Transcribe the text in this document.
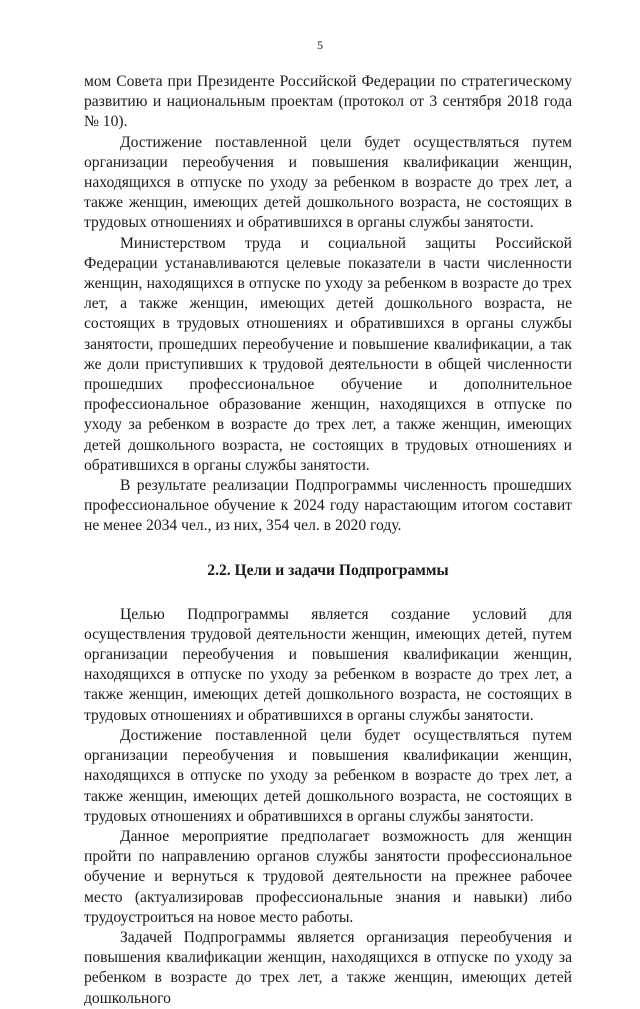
5

мом Совета при Президенте Российской Федерации по стратегическому развитию и национальным проектам (протокол от 3 сентября 2018 года № 10).

Достижение поставленной цели будет осуществляться путем организации переобучения и повышения квалификации женщин, находящихся в отпуске по уходу за ребенком в возрасте до трех лет, а также женщин, имеющих детей дошкольного возраста, не состоящих в трудовых отношениях и обратившихся в органы службы занятости.

Министерством труда и социальной защиты Российской Федерации устанавливаются целевые показатели в части численности женщин, находящихся в отпуске по уходу за ребенком в возрасте до трех лет, а также женщин, имеющих детей дошкольного возраста, не состоящих в трудовых отношениях и обратившихся в органы службы занятости, прошедших переобучение и повышение квалификации, а так же доли приступивших к трудовой деятельности в общей численности прошедших профессиональное обучение и дополнительное профессиональное образование женщин, находящихся в отпуске по уходу за ребенком в возрасте до трех лет, а также женщин, имеющих детей дошкольного возраста, не состоящих в трудовых отношениях и обратившихся в органы службы занятости.

В результате реализации Подпрограммы численность прошедших профессиональное обучение к 2024 году нарастающим итогом составит не менее 2034 чел., из них, 354 чел. в 2020 году.

2.2. Цели и задачи Подпрограммы

Целью Подпрограммы является создание условий для осуществления трудовой деятельности женщин, имеющих детей, путем организации переобучения и повышения квалификации женщин, находящихся в отпуске по уходу за ребенком в возрасте до трех лет, а также женщин, имеющих детей дошкольного возраста, не состоящих в трудовых отношениях и обратившихся в органы службы занятости.

Достижение поставленной цели будет осуществляться путем организации переобучения и повышения квалификации женщин, находящихся в отпуске по уходу за ребенком в возрасте до трех лет, а также женщин, имеющих детей дошкольного возраста, не состоящих в трудовых отношениях и обратившихся в органы службы занятости.

Данное мероприятие предполагает возможность для женщин пройти по направлению органов службы занятости профессиональное обучение и вернуться к трудовой деятельности на прежнее рабочее место (актуализировав профессиональные знания и навыки) либо трудоустроиться на новое место работы.

Задачей Подпрограммы является организация переобучения и повышения квалификации женщин, находящихся в отпуске по уходу за ребенком в возрасте до трех лет, а также женщин, имеющих детей дошкольного
